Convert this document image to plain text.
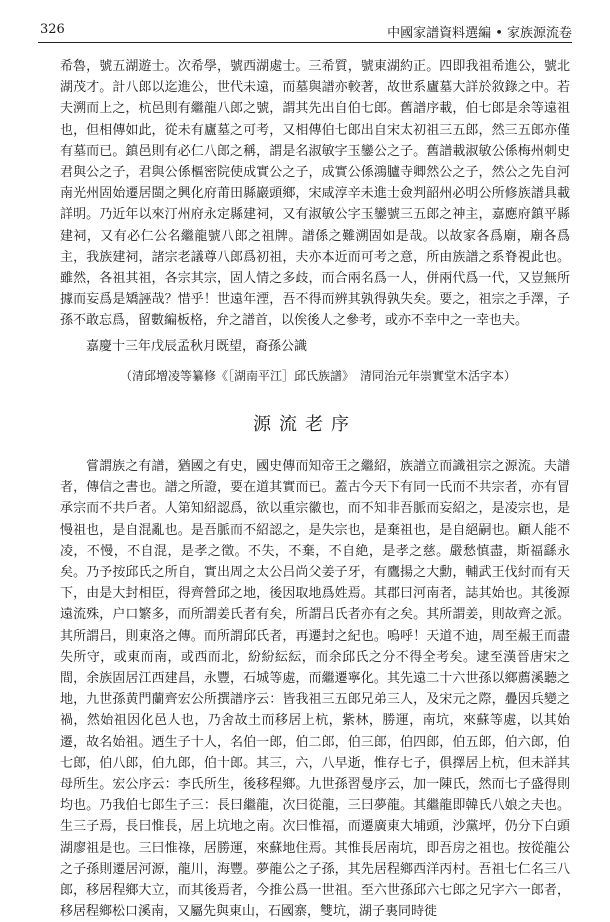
326	中國家譜資料選編 • 家族源流卷

希魯，號五湖遊士。次希學，號西湖處士。三希質，號東湖約正。四即我祖希進公，號北湖茂才。計八郎以迄進公，世代未遠，而墓與譜亦較著，故世系廬墓大詳於敘錄之中。若夫溯而上之，杭邑則有繼龍八郎之號，謂其先出自伯七郎。舊譜序載，伯七郎是余等遠祖也，但相傳如此，從未有廬墓之可考，又相傳伯七郎出自宋太初祖三五郎，然三五郎亦僅有墓而已。鎮邑則有必仁八郎之稱，謂是名淑敏字玉鑾公之子。舊譜載淑敏公係梅州刺史君與公之子，君與公係樞密院使成實公之子，成實公係鴻臚寺卿然公之子，然公之先自河南光州固始遷居閩之興化府莆田縣巖頭鄉，宋咸淳辛未進士僉判韶州必明公所修族譜具載詳明。乃近年以來汀州府永定縣建祠，又有淑敏公字玉鑾號三五郎之神主，嘉應府鎮平縣建祠，又有必仁公名繼龍號八郎之祖牌。譜係之難溯固如是哉。以故家各爲廟，廟各爲主，我族建祠，諸宗老議尊八郎爲初祖，夫亦本近而可考之意，所由族譜之系脊視此也。雖然，各祖其祖，各宗其宗，固人情之多歧，而合兩名爲一人，併兩代爲一代，又豈無所據而妄爲是矯誣哉？惜乎！世遠年湮，吾不得而辨其孰得孰失矣。要之，祖宗之手澤，子孫不敢忘爲，留數編板格，弁之譜首，以俟後人之參考，或亦不幸中之一幸也夫。

嘉慶十三年戊辰孟秋月既望，裔孫公識

（清邱增凌等纂修《［湖南平江］邱氏族譜》　清同治元年崇實堂木活字本）
源流老序

嘗謂族之有譜，猶國之有史，國史傳而知帝王之繼紹，族譜立而識祖宗之源流。夫譜者，傳信之書也。譜之所證，要在道其實而已。蓋古今天下有同一氏而不共宗者，亦有冒承宗而不共戶者。人第知紹認爲，欲以重宗徽也，而不知非吾脈而妄紹之，是凌宗也，是慢祖也，是自混亂也。是吾脈而不紹認之，是失宗也，是棄祖也，是自絕嗣也。顧人能不凌，不慢，不自混，是孝之徵。不失，不棄，不自絶，是孝之慈。嚴愁慎盡，斯福繇永矣。乃予按邱氏之所自，實出周之太公吕尚父姜子牙，有鷹揚之大勳，輔武王伐紂而有天下，由是大封相臣，得齊營邱之地，後因取地爲姓焉。其郡曰河南者，誌其始也。其後源遠流殊，户口繁多，而所謂姜氏者有矣，所謂吕氏者亦有之矣。其所謂姜，則故齊之派。其所謂吕，則東洛之傳。而所謂邱氏者，再遷封之紀也。嗚呼！天道不迪，周至赧王而盡失所守，或東而南，或西而北，紛紛紜紜，而余邱氏之分不得全考矣。逮至漢晉唐宋之間，余族固居江西建昌，永豐，石城等處，而繼遷寧化。其先遠二十六世孫以鄉薦溪聽之地，九世孫黄門蘭齊宏公所撰譜序云：皆我祖三五郎兄弟三人，及宋元之際，疊因兵變之禍，然始祖因化邑人也，乃舍故土而移居上杭，紫林，勝運，南坑，來蘇等處，以其始遷，故名始祖。迺生子十人，名伯一郎，伯二郎，伯三郎，伯四郎，伯五郎，伯六郎，伯七郎，伯八郎，伯九郎，伯十郎。其三，六，八早逝，惟存七子，俱擇居上杭，但未詳其母所生。宏公序云：李氏所生，後移程鄉。九世孫習曼序云，加一陳氏，然而七子盛得則均也。乃我伯七郎生子三：長曰繼龍，次曰從龍，三曰夢龍。其繼龍即韓氏八娘之夫也。生三子焉，長曰惟長，居上坑地之南。次曰惟福，而遷廣東大埔頭，沙黨坪，仍分下白頭湖廖祖是也。三曰惟祿，居勝運，來蘇地住焉。其惟長居南坑，即吾房之祖也。按從龍公之子孫則遷居河源，龍川，海豐。夢龍公之子孫，其先居程鄉西洋丙村。吾祖七仁名三八郎，移居程鄉大立，而其後焉者，今推公爲一世祖。至六世孫邱六七郎之兄字六一郎者，移居程鄉松口溪南，又屬先與東山，石國寨，雙坑，湖子裏同時徙
